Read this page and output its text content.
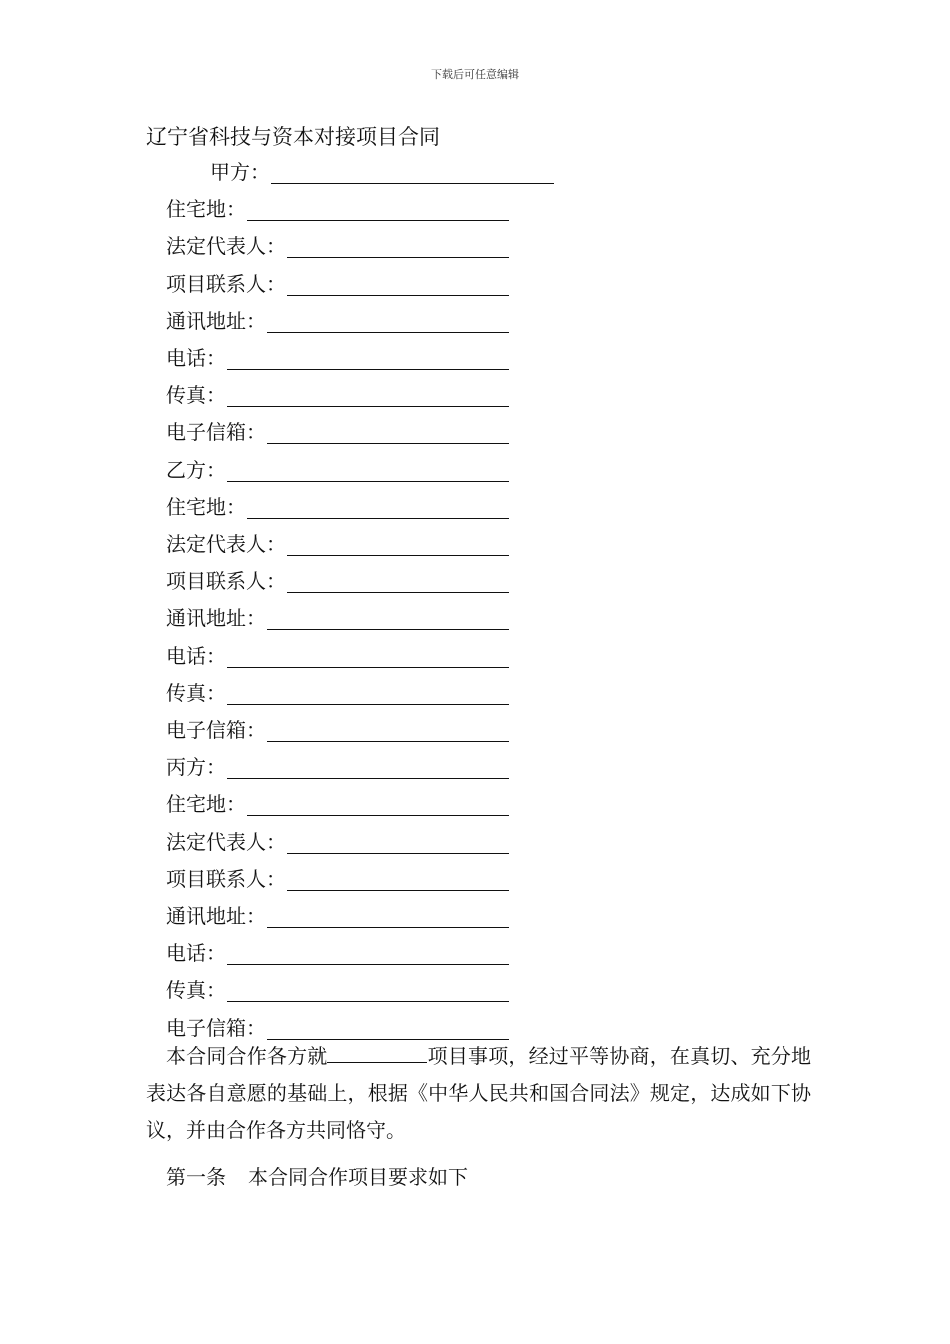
下载后可任意编辑
辽宁省科技与资本对接项目合同
甲方：
住宅地：
法定代表人：
项目联系人：
通讯地址：
电话：
传真：
电子信箱：
乙方：
住宅地：
法定代表人：
项目联系人：
通讯地址：
电话：
传真：
电子信箱：
丙方：
住宅地：
法定代表人：
项目联系人：
通讯地址：
电话：
传真：
电子信箱：
本合同合作各方就	项目事项，经过平等协商，在真切、充分地表达各自意愿的基础上，根据《中华人民共和国合同法》规定，达成如下协议，并由合作各方共同恪守。
第一条 本合同合作项目要求如下
